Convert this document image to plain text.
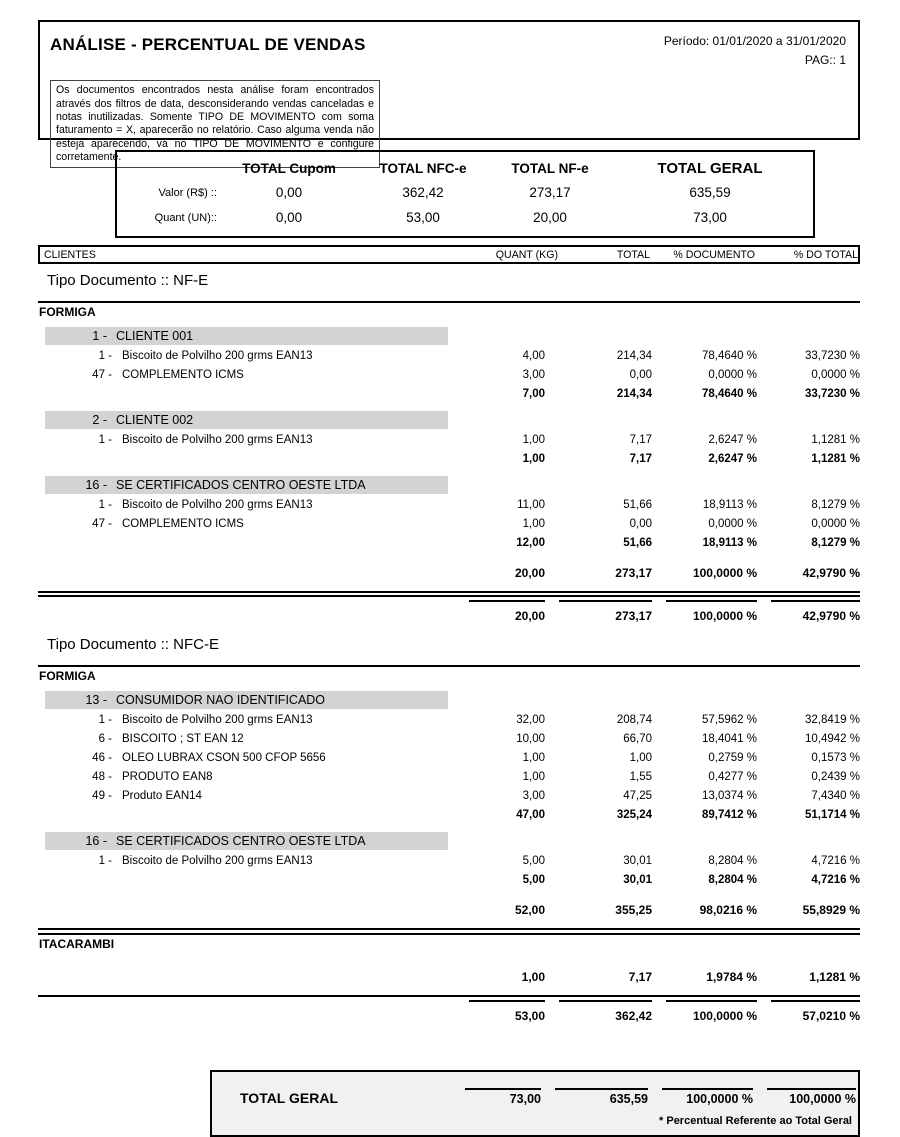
ANÁLISE - PERCENTUAL DE VENDAS	Período: 01/01/2020 a 31/01/2020
PAG:: 1
Os documentos encontrados nesta análise foram encontrados através dos filtros de data, desconsiderando vendas canceladas e notas inutilizadas. Somente TIPO DE MOVIMENTO com soma faturamento = X, aparecerão no relatório. Caso alguma venda não esteja aparecendo, vá no TIPO DE MOVIMENTO e configure corretamente.
TOTAL Cupom	TOTAL NFC-e	TOTAL NF-e	TOTAL GERAL
Valor (R$) ::	0,00	362,42	273,17	635,59
Quant (UN)::	0,00	53,00	20,00	73,00
CLIENTES	QUANT (KG)	TOTAL	% DOCUMENTO	% DO TOTAL
Tipo Documento :: NF-E
FORMIGA
1 - CLIENTE 001
1 - Biscoito de Polvilho 200 grms EAN13	4,00	214,34	78,4640 %	33,7230 %
47 - COMPLEMENTO ICMS	3,00	0,00	0,0000 %	0,0000 %
7,00	214,34	78,4640 %	33,7230 %
2 - CLIENTE 002
1 - Biscoito de Polvilho 200 grms EAN13	1,00	7,17	2,6247 %	1,1281 %
1,00	7,17	2,6247 %	1,1281 %
16 - SE CERTIFICADOS CENTRO OESTE LTDA
1 - Biscoito de Polvilho 200 grms EAN13	11,00	51,66	18,9113 %	8,1279 %
47 - COMPLEMENTO ICMS	1,00	0,00	0,0000 %	0,0000 %
12,00	51,66	18,9113 %	8,1279 %
20,00	273,17	100,0000 %	42,9790 %
20,00	273,17	100,0000 %	42,9790 %
Tipo Documento :: NFC-E
FORMIGA
13 - CONSUMIDOR NAO IDENTIFICADO
1 - Biscoito de Polvilho 200 grms EAN13	32,00	208,74	57,5962 %	32,8419 %
6 - BISCOITO ; ST EAN 12	10,00	66,70	18,4041 %	10,4942 %
46 - OLEO LUBRAX CSON 500 CFOP 5656	1,00	1,00	0,2759 %	0,1573 %
48 - PRODUTO EAN8	1,00	1,55	0,4277 %	0,2439 %
49 - Produto EAN14	3,00	47,25	13,0374 %	7,4340 %
47,00	325,24	89,7412 %	51,1714 %
16 - SE CERTIFICADOS CENTRO OESTE LTDA
1 - Biscoito de Polvilho 200 grms EAN13	5,00	30,01	8,2804 %	4,7216 %
5,00	30,01	8,2804 %	4,7216 %
52,00	355,25	98,0216 %	55,8929 %
ITACARAMBI
1,00	7,17	1,9784 %	1,1281 %
53,00	362,42	100,0000 %	57,0210 %
TOTAL GERAL	73,00	635,59	100,0000 %	100,0000 %
* Percentual Referente ao Total Geral
